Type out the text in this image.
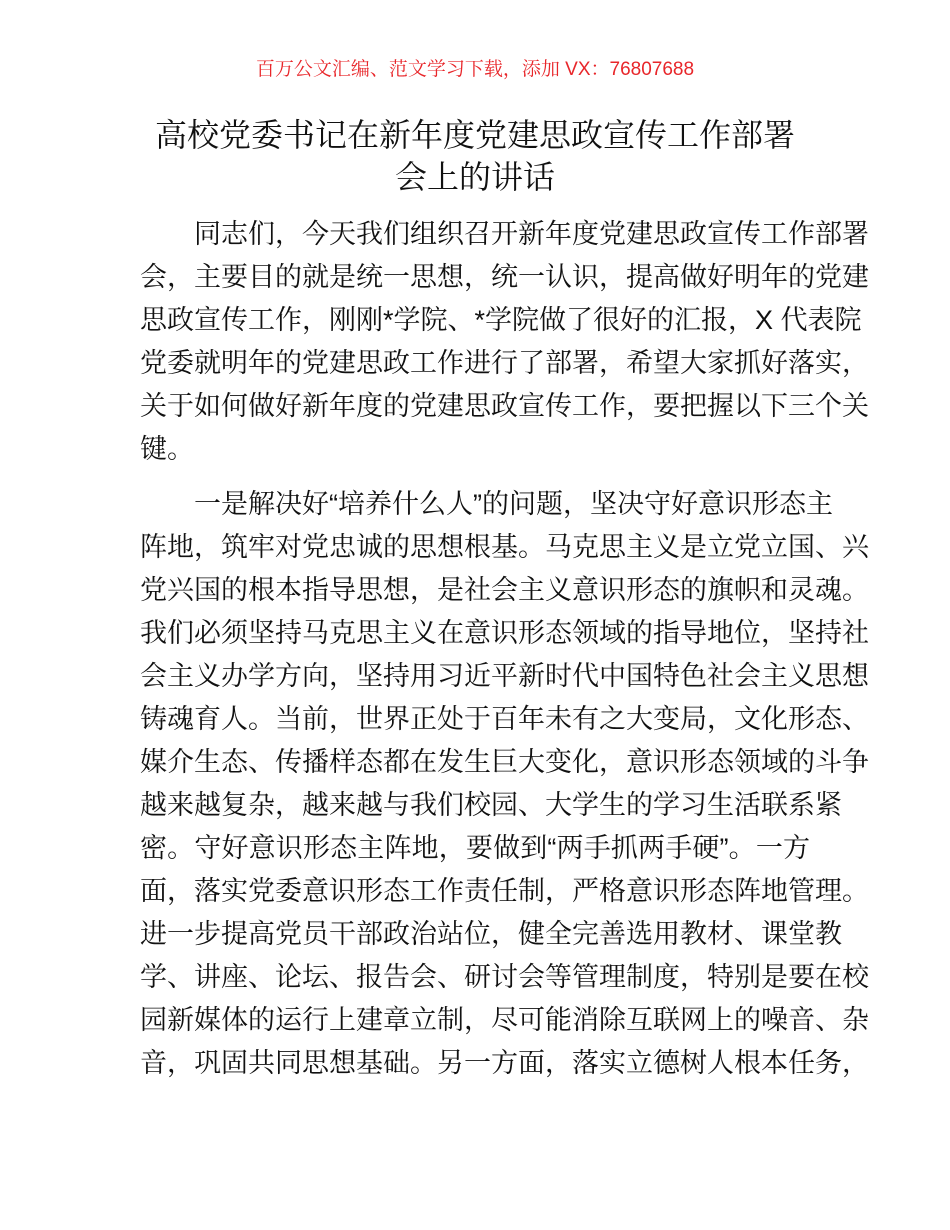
百万公文汇编、范文学习下载，添加 VX：76807688
高校党委书记在新年度党建思政宣传工作部署
会上的讲话
同志们，今天我们组织召开新年度党建思政宣传工作部署
会，主要目的就是统一思想，统一认识，提高做好明年的党建
思政宣传工作，刚刚*学院、*学院做了很好的汇报，X 代表院
党委就明年的党建思政工作进行了部署，希望大家抓好落实，
关于如何做好新年度的党建思政宣传工作，要把握以下三个关
键。
一是解决好“培养什么人”的问题，坚决守好意识形态主
阵地，筑牢对党忠诚的思想根基。马克思主义是立党立国、兴
党兴国的根本指导思想，是社会主义意识形态的旗帜和灵魂。
我们必须坚持马克思主义在意识形态领域的指导地位，坚持社
会主义办学方向，坚持用习近平新时代中国特色社会主义思想
铸魂育人。当前，世界正处于百年未有之大变局，文化形态、
媒介生态、传播样态都在发生巨大变化，意识形态领域的斗争
越来越复杂，越来越与我们校园、大学生的学习生活联系紧
密。守好意识形态主阵地，要做到“两手抓两手硬”。一方
面，落实党委意识形态工作责任制，严格意识形态阵地管理。
进一步提高党员干部政治站位，健全完善选用教材、课堂教
学、讲座、论坛、报告会、研讨会等管理制度，特别是要在校
园新媒体的运行上建章立制，尽可能消除互联网上的噪音、杂
音，巩固共同思想基础。另一方面，落实立德树人根本任务，
